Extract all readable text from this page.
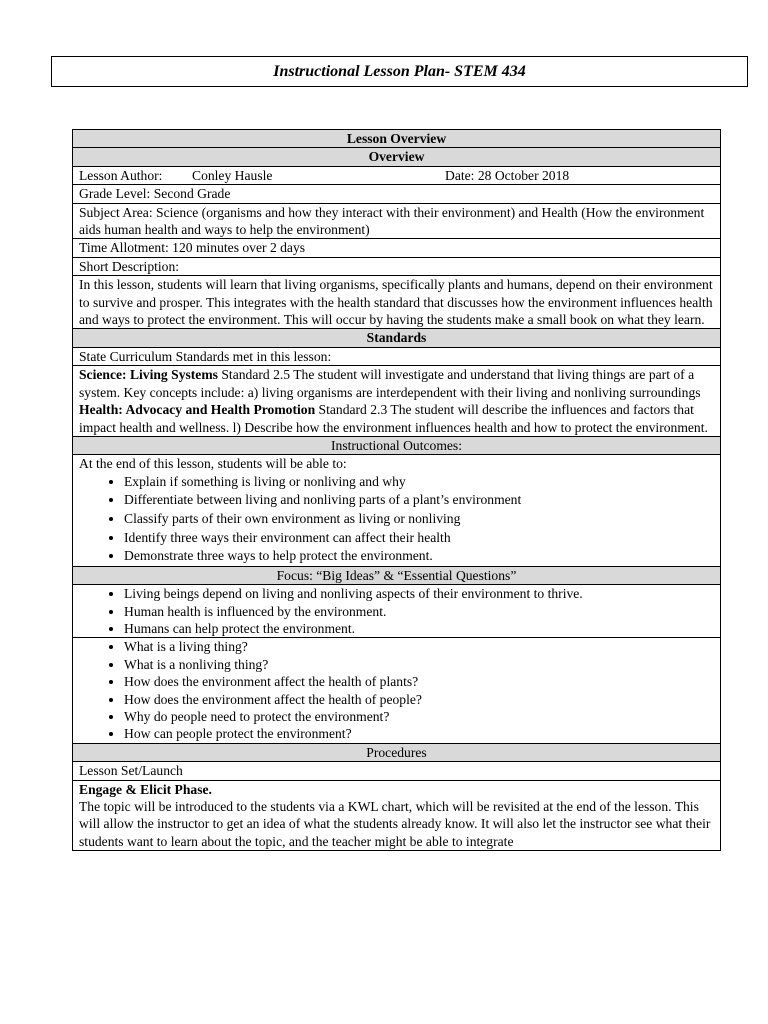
Instructional Lesson Plan- STEM 434
Lesson Overview
Overview

Lesson Author:	Conley Hausle	Date: 28 October 2018

Grade Level: Second Grade
Subject Area: Science (organisms and how they interact with their environment) and Health (How the environment aids human health and ways to help the environment)
Time Allotment: 120 minutes over 2 days
Short Description:
In this lesson, students will learn that living organisms, specifically plants and humans, depend on their environment to survive and prosper. This integrates with the health standard that discusses how the environment influences health and ways to protect the environment. This will occur by having the students make a small book on what they learn.
Standards
State Curriculum Standards met in this lesson:

Science: Living Systems Standard 2.5 The student will investigate and understand that living things are part of a system. Key concepts include: a) living organisms are interdependent with their living and nonliving surroundings
Health: Advocacy and Health Promotion Standard 2.3 The student will describe the influences and factors that impact health and wellness. l) Describe how the environment influences health and how to protect the environment.

Instructional Outcomes:

At the end of this lesson, students will be able to:
• Explain if something is living or nonliving and why
• Differentiate between living and nonliving parts of a plant’s environment
• Classify parts of their own environment as living or nonliving
• Identify three ways their environment can affect their health
• Demonstrate three ways to help protect the environment.

Focus: “Big Ideas” & “Essential Questions”

• Living beings depend on living and nonliving aspects of their environment to thrive.
• Human health is influenced by the environment.
• Humans can help protect the environment.

• What is a living thing?
• What is a nonliving thing?
• How does the environment affect the health of plants?
• How does the environment affect the health of people?
• Why do people need to protect the environment?
• How can people protect the environment?

Procedures
Lesson Set/Launch

Engage & Elicit Phase.
The topic will be introduced to the students via a KWL chart, which will be revisited at the end of the lesson. This will allow the instructor to get an idea of what the students already know. It will also let the instructor see what their students want to learn about the topic, and the teacher might be able to integrate
